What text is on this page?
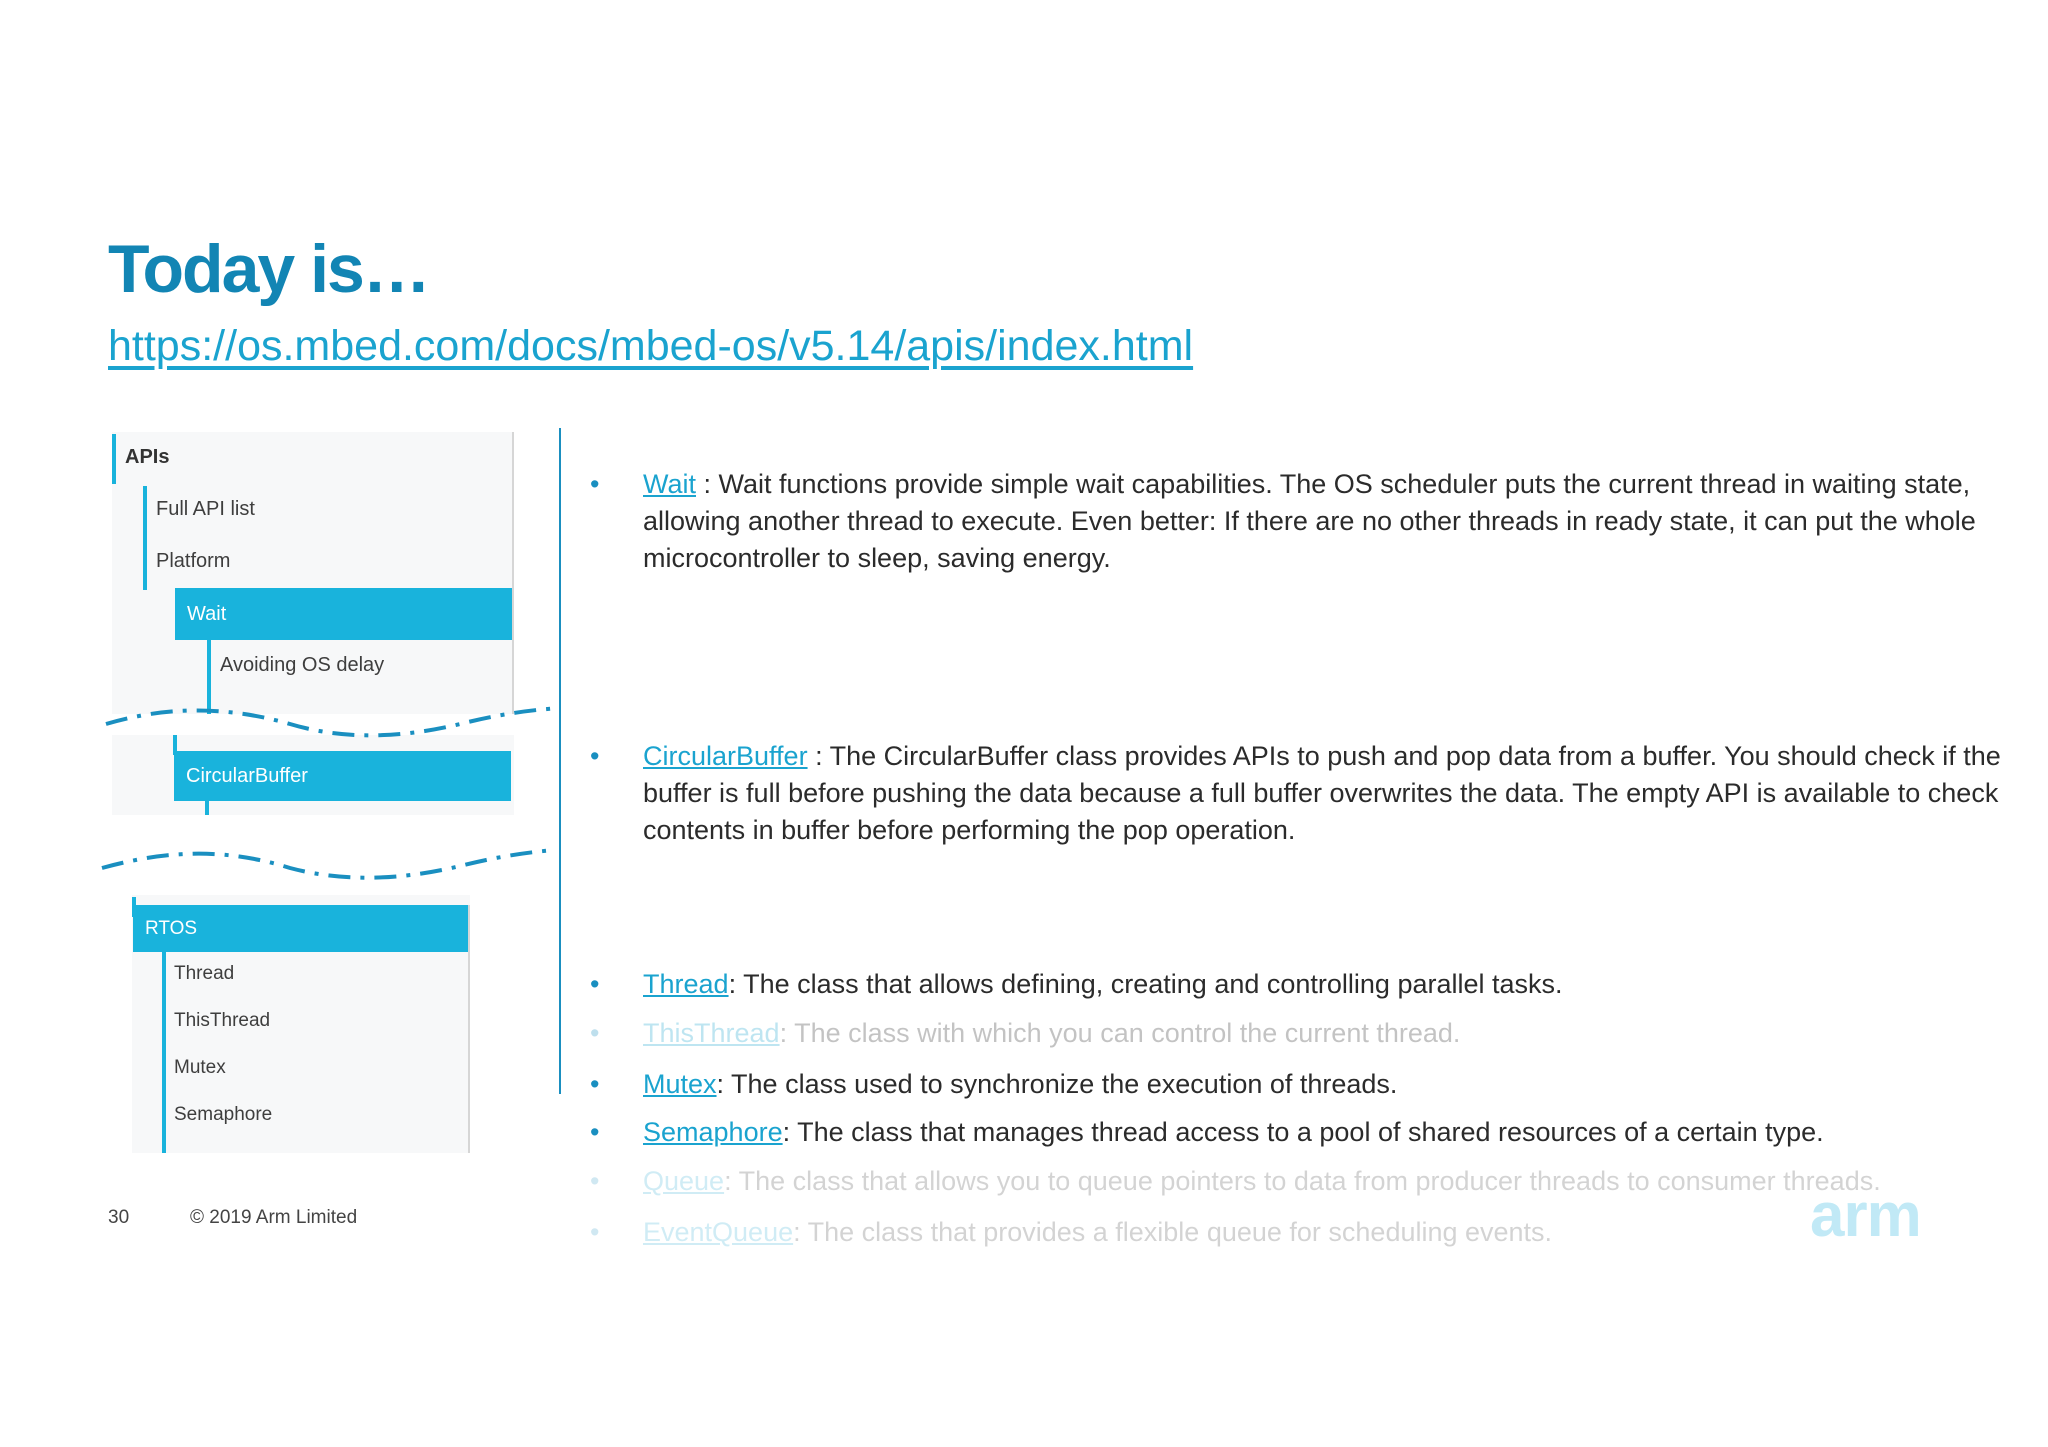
Today is…
https://os.mbed.com/docs/mbed-os/v5.14/apis/index.html
APIs
Full API list
Platform
Wait
Avoiding OS delay
CircularBuffer
RTOS
Thread
ThisThread
Mutex
Semaphore
• Wait : Wait functions provide simple wait capabilities. The OS scheduler puts the current thread in waiting state, allowing another thread to execute. Even better: If there are no other threads in ready state, it can put the whole microcontroller to sleep, saving energy.
• CircularBuffer : The CircularBuffer class provides APIs to push and pop data from a buffer. You should check if the buffer is full before pushing the data because a full buffer overwrites the data. The empty API is available to check contents in buffer before performing the pop operation.
• Thread: The class that allows defining, creating and controlling parallel tasks.
• ThisThread: The class with which you can control the current thread.
• Mutex: The class used to synchronize the execution of threads.
• Semaphore: The class that manages thread access to a pool of shared resources of a certain type.
• Queue: The class that allows you to queue pointers to data from producer threads to consumer threads.
• EventQueue: The class that provides a flexible queue for scheduling events.
30	© 2019 Arm Limited	arm
